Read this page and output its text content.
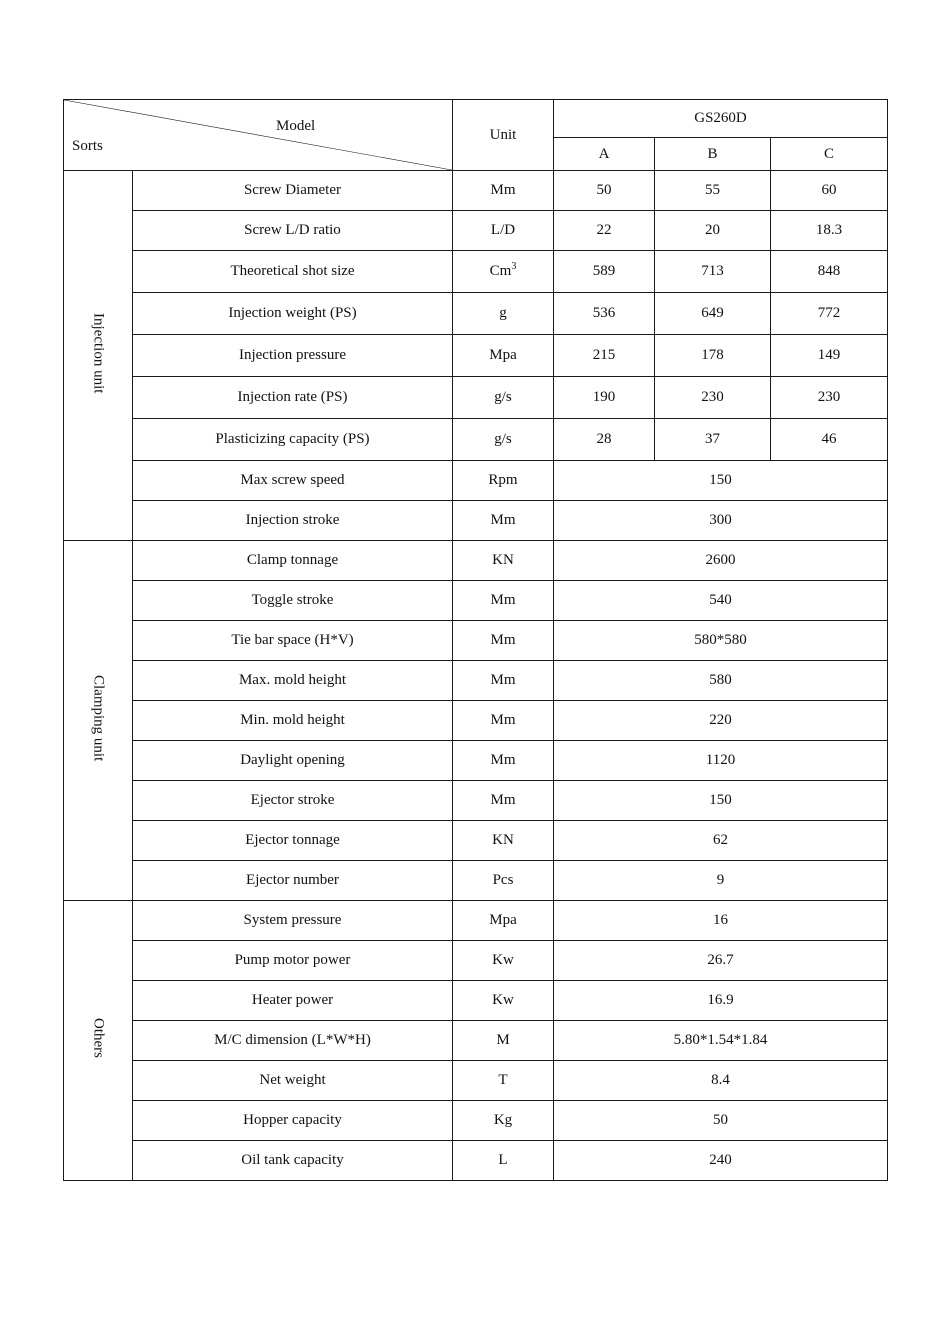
Model
Sorts		Unit	GS260D		
			A	B	C
Injection unit	Screw Diameter	Mm	50	55	60
	Screw L/D ratio	L/D	22	20	18.3
	Theoretical shot size	Cm$^3$	589	713	848
	Injection weight (PS)	g	536	649	772
	Injection pressure	Mpa	215	178	149
	Injection rate (PS)	g/s	190	230	230
	Plasticizing capacity (PS)	g/s	28	37	46
	Max screw speed	Rpm	150		
	Injection stroke	Mm	300		
Clamping unit	Clamp tonnage	KN	2600		
	Toggle stroke	Mm	540		
	Tie bar space (H*V)	Mm	580*580		
	Max. mold height	Mm	580		
	Min. mold height	Mm	220		
	Daylight opening	Mm	1120		
	Ejector stroke	Mm	150		
	Ejector tonnage	KN	62		
	Ejector number	Pcs	9		
Others	System pressure	Mpa	16		
	Pump motor power	Kw	26.7		
	Heater power	Kw	16.9		
	M/C dimension (L*W*H)	M	5.80*1.54*1.84		
	Net weight	T	8.4		
	Hopper capacity	Kg	50		
	Oil tank capacity	L	240		
